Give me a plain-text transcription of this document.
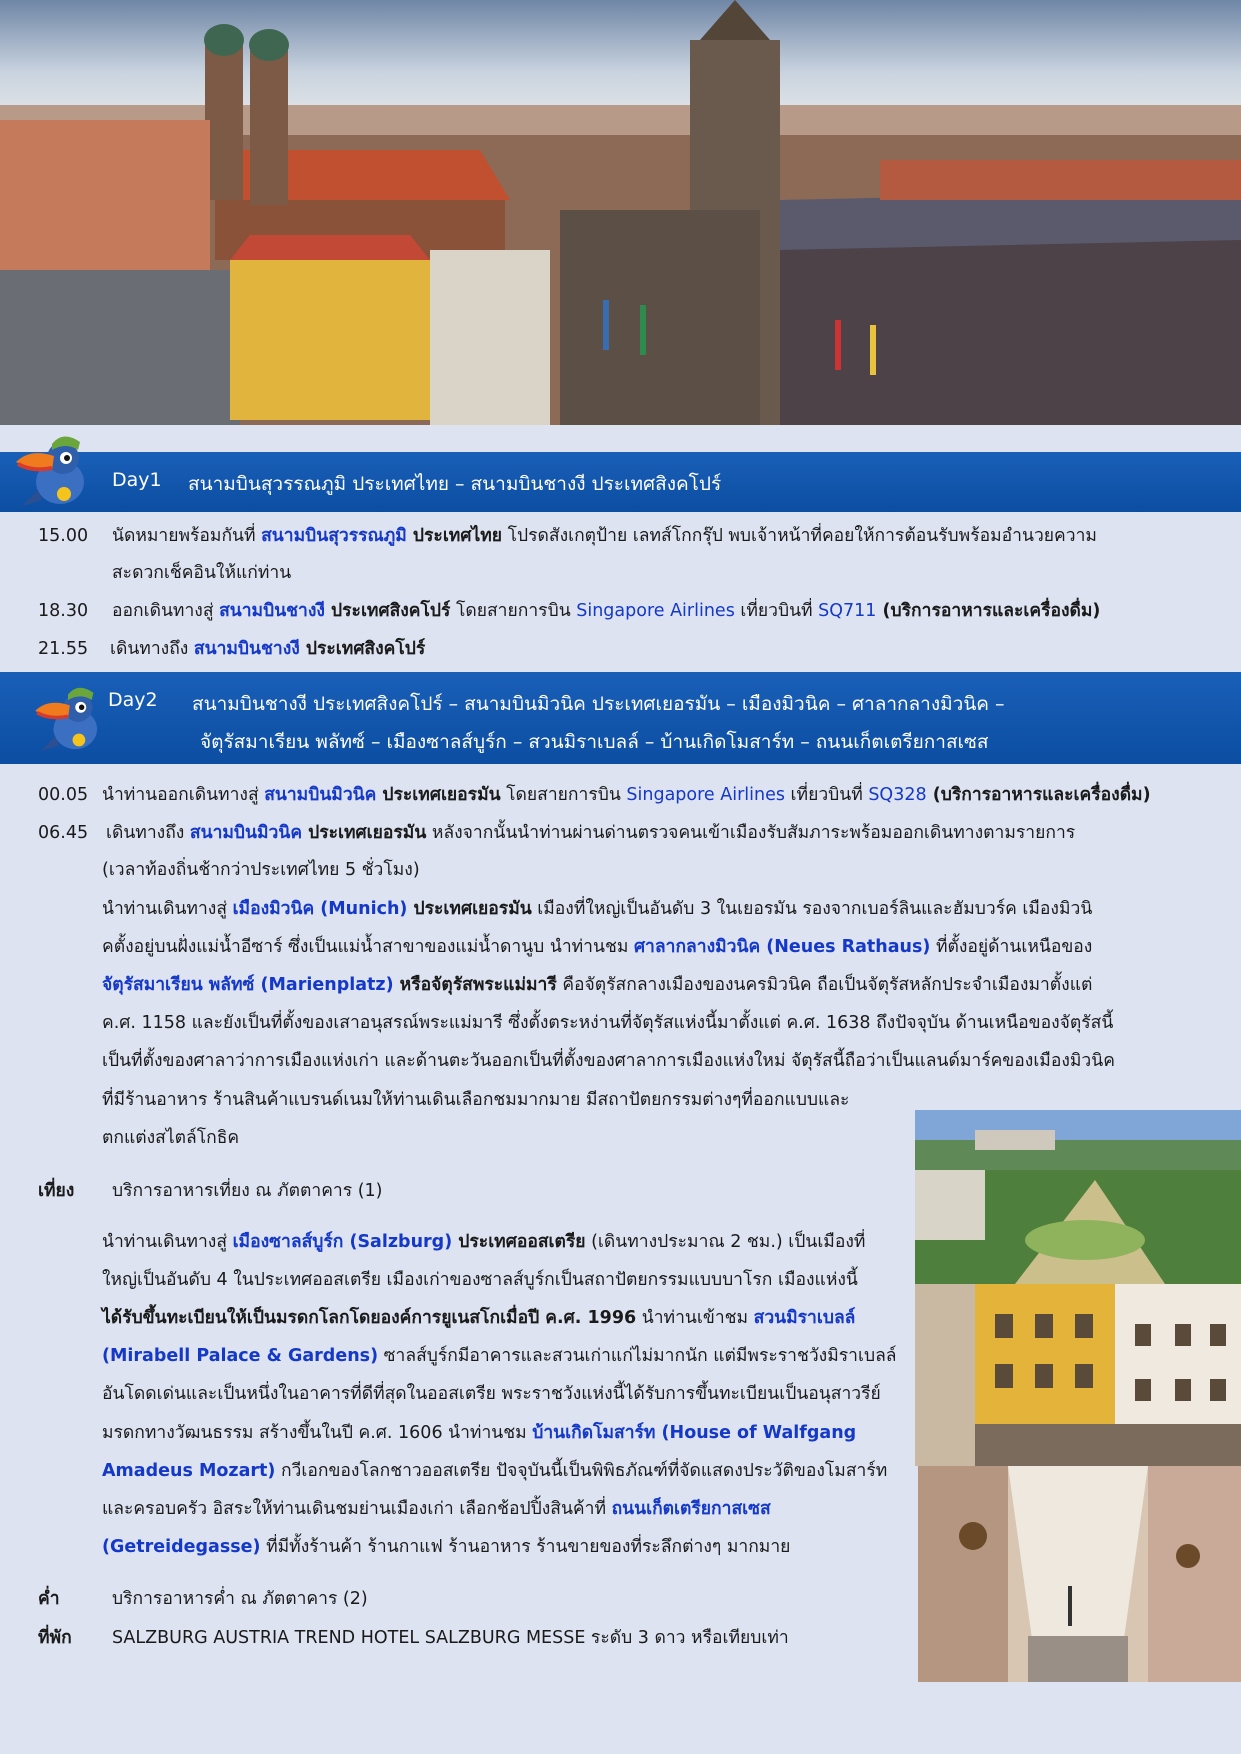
Day1 สนามบินสุวรรณภูมิ ประเทศไทย – สนามบินชางงี ประเทศสิงคโปร์
15.00 นัดหมายพร้อมกันที่ สนามบินสุวรรณภูมิ ประเทศไทย โปรดสังเกตุป้าย เลทส์โกกรุ๊ป พบเจ้าหน้าที่คอยให้การต้อนรับพร้อมอำนวยความ
สะดวกเช็คอินให้แก่ท่าน
18.30 ออกเดินทางสู่ สนามบินชางงี ประเทศสิงคโปร์ โดยสายการบิน Singapore Airlines เที่ยวบินที่ SQ711 (บริการอาหารและเครื่องดื่ม)
21.55 เดินทางถึง สนามบินชางงี ประเทศสิงคโปร์
Day2 สนามบินชางงี ประเทศสิงคโปร์ – สนามบินมิวนิค ประเทศเยอรมัน – เมืองมิวนิค – ศาลากลางมิวนิค –
จัตุรัสมาเรียน พลัทซ์ – เมืองซาลส์บูร์ก – สวนมิราเบลล์ – บ้านเกิดโมสาร์ท – ถนนเก็ตเตรียกาสเซส
00.05 นำท่านออกเดินทางสู่ สนามบินมิวนิค ประเทศเยอรมัน โดยสายการบิน Singapore Airlines เที่ยวบินที่ SQ328 (บริการอาหารและเครื่องดื่ม)
06.45 เดินทางถึง สนามบินมิวนิค ประเทศเยอรมัน หลังจากนั้นนำท่านผ่านด่านตรวจคนเข้าเมืองรับสัมภาระพร้อมออกเดินทางตามรายการ
(เวลาท้องถิ่นช้ากว่าประเทศไทย 5 ชั่วโมง)
นำท่านเดินทางสู่ เมืองมิวนิค (Munich) ประเทศเยอรมัน เมืองที่ใหญ่เป็นอันดับ 3 ในเยอรมัน รองจากเบอร์ลินและฮัมบวร์ค เมืองมิวนิ
คตั้งอยู่บนฝั่งแม่น้ำอีซาร์ ซึ่งเป็นแม่น้ำสาขาของแม่น้ำดานูบ นำท่านชม ศาลากลางมิวนิค (Neues Rathaus) ที่ตั้งอยู่ด้านเหนือของ
จัตุรัสมาเรียน พลัทซ์ (Marienplatz) หรือจัตุรัสพระแม่มารี คือจัตุรัสกลางเมืองของนครมิวนิค ถือเป็นจัตุรัสหลักประจำเมืองมาตั้งแต่
ค.ศ. 1158 และยังเป็นที่ตั้งของเสาอนุสรณ์พระแม่มารี ซึ่งตั้งตระหง่านที่จัตุรัสแห่งนี้มาตั้งแต่ ค.ศ. 1638 ถึงปัจจุบัน ด้านเหนือของจัตุรัสนี้
เป็นที่ตั้งของศาลาว่าการเมืองแห่งเก่า และด้านตะวันออกเป็นที่ตั้งของศาลาการเมืองแห่งใหม่ จัตุรัสนี้ถือว่าเป็นแลนด์มาร์คของเมืองมิวนิค
ที่มีร้านอาหาร ร้านสินค้าแบรนด์เนมให้ท่านเดินเลือกชมมากมาย มีสถาปัตยกรรมต่างๆที่ออกแบบและ
ตกแต่งสไตล์โกธิค
เที่ยง บริการอาหารเที่ยง ณ ภัตตาคาร (1)
นำท่านเดินทางสู่ เมืองซาลส์บูร์ก (Salzburg) ประเทศออสเตรีย (เดินทางประมาณ 2 ชม.) เป็นเมืองที่
ใหญ่เป็นอันดับ 4 ในประเทศออสเตรีย เมืองเก่าของซาลส์บูร์กเป็นสถาปัตยกรรมแบบบาโรก เมืองแห่งนี้
ได้รับขึ้นทะเบียนให้เป็นมรดกโลกโดยองค์การยูเนสโกเมื่อปี ค.ศ. 1996 นำท่านเข้าชม สวนมิราเบลล์
(Mirabell Palace & Gardens) ซาลส์บูร์กมีอาคารและสวนเก่าแก่ไม่มากนัก แต่มีพระราชวังมิราเบลล์
อันโดดเด่นและเป็นหนึ่งในอาคารที่ดีที่สุดในออสเตรีย พระราชวังแห่งนี้ได้รับการขึ้นทะเบียนเป็นอนุสาวรีย์
มรดกทางวัฒนธรรม สร้างขึ้นในปี ค.ศ. 1606 นำท่านชม บ้านเกิดโมสาร์ท (House of Walfgang
Amadeus Mozart) กวีเอกของโลกชาวออสเตรีย ปัจจุบันนี้เป็นพิพิธภัณฑ์ที่จัดแสดงประวัติของโมสาร์ท
และครอบครัว อิสระให้ท่านเดินชมย่านเมืองเก่า เลือกช้อปปิ้งสินค้าที่ ถนนเก็ตเตรียกาสเซส
(Getreidegasse) ที่มีทั้งร้านค้า ร้านกาแฟ ร้านอาหาร ร้านขายของที่ระลึกต่างๆ มากมาย
ค่ำ	บริการอาหารค่ำ ณ ภัตตาคาร (2)
ที่พัก SALZBURG AUSTRIA TREND HOTEL SALZBURG MESSE ระดับ 3 ดาว หรือเทียบเท่า
